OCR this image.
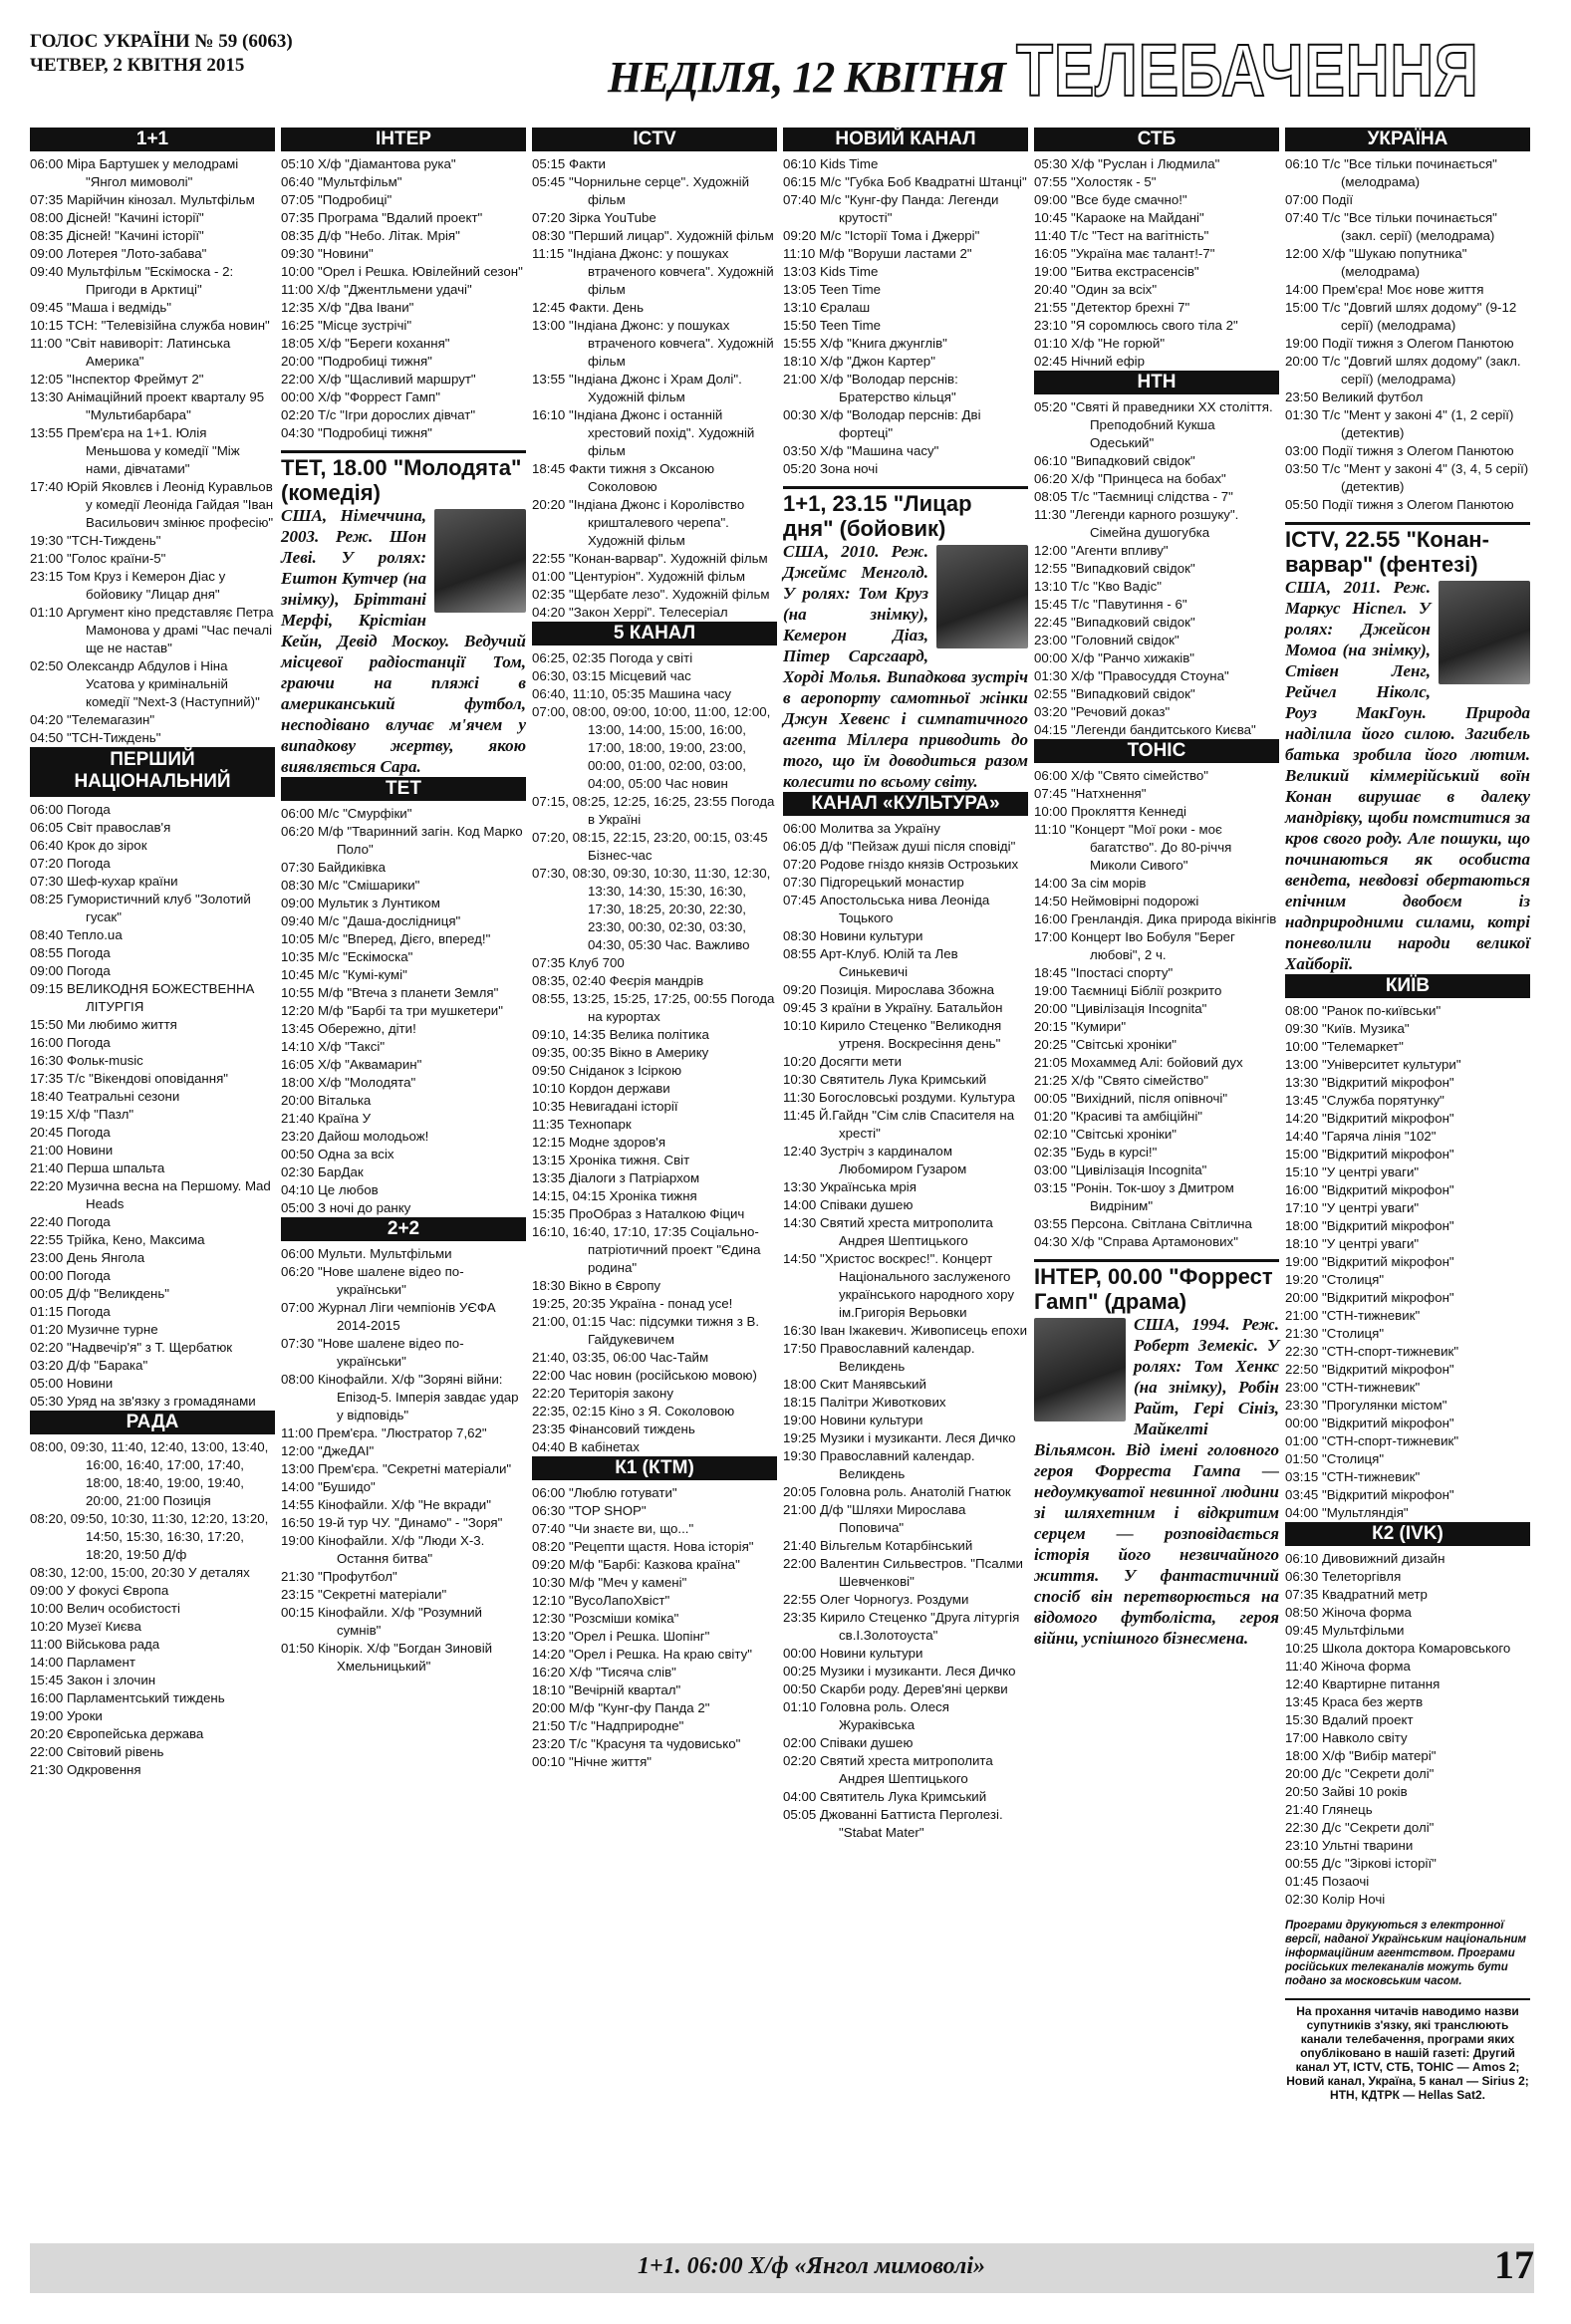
ГОЛОС УКРАЇНИ № 59 (6063)
ЧЕТВЕР, 2 КВІТНЯ 2015	НЕДІЛЯ, 12 КВІТНЯ ТЕЛЕБАЧЕННЯ
1+1

06:00 Міра Бартушек у мелодрамі "Янгол мимоволі"

07:35 Марійчин кінозал. Мультфільм

08:00 Дісней! "Качині історії"

08:35 Дісней! "Качині історії"

09:00 Лотерея "Лото-забава"

09:40 Мультфільм "Ескімоска - 2: Пригоди в Арктиці"

09:45 "Маша і ведмідь"

10:15 ТСН: "Телевізійна служба новин"

11:00 "Світ навиворіт: Латинська Америка"

12:05 "Інспектор Фреймут 2"

13:30 Анімаційний проект кварталу 95 "Мультибарбара"

13:55 Прем'єра на 1+1. Юлія Меньшова у комедії "Між нами, дівчатами"

17:40 Юрій Яковлєв і Леонід Куравльов у комедії Леоніда Гайдая "Іван Васильович змінює професію"

19:30 "ТСН-Тиждень"

21:00 "Голос країни-5"

23:15 Том Круз і Кемерон Діас у бойовику "Лицар дня"

01:10 Аргумент кіно представляє Петра Мамонова у драмі "Час печалі ще не настав"

02:50 Олександр Абдулов і Ніна Усатова у кримінальній комедії "Next-3 (Наступний)"

04:20 "Телемагазин"

04:50 "ТСН-Тиждень"

ПЕРШИЙ НАЦІОНАЛЬНИЙ

06:00 Погода

06:05 Світ православ'я

06:40 Крок до зірок

07:20 Погода

07:30 Шеф-кухар країни

08:25 Гумористичний клуб "Золотий гусак"

08:40 Тепло.ua

08:55 Погода

09:00 Погода

09:15 ВЕЛИКОДНЯ БОЖЕСТВЕННА ЛІТУРГІЯ

15:50 Ми любимо життя

16:00 Погода

16:30 Фольк-music

17:35 Т/с "Вікендові оповідання"

18:40 Театральні сезони

19:15 Х/ф "Пазл"

20:45 Погода

21:00 Новини

21:40 Перша шпальта

22:20 Музична весна на Першому. Mad Heads

22:40 Погода

22:55 Трійка, Кено, Максима

23:00 День Янгола

00:00 Погода

00:05 Д/ф "Великдень"

01:15 Погода

01:20 Музичне турне

02:20 "Надвечір'я" з Т. Щербатюк

03:20 Д/ф "Барака"

05:00 Новини

05:30 Уряд на зв'язку з громадянами

РАДА

08:00, 09:30, 11:40, 12:40, 13:00, 13:40, 16:00, 16:40, 17:00, 17:40, 18:00, 18:40, 19:00, 19:40, 20:00, 21:00 Позиція

08:20, 09:50, 10:30, 11:30, 12:20, 13:20, 14:50, 15:30, 16:30, 17:20, 18:20, 19:50 Д/ф

08:30, 12:00, 15:00, 20:30 У деталях

09:00 У фокусі Європа

10:00 Велич особистості

10:20 Музеї Києва

11:00 Військова рада

14:00 Парламент

15:45 Закон і злочин

16:00 Парламентський тиждень

19:00 Уроки

20:20 Європейська держава

22:00 Світовий рівень

21:30 Одкровення

ІНТЕР

05:10 Х/ф "Діамантова рука"

06:40 "Мультфільм"

07:05 "Подробиці"

07:35 Програма "Вдалий проект"

08:35 Д/ф "Небо. Літак. Мрія"

09:30 "Новини"

10:00 "Орел і Решка. Ювілейний сезон"

11:00 Х/ф "Джентльмени удачі"

12:35 Х/ф "Два Івани"

16:25 "Місце зустрічі"

18:05 Х/ф "Береги кохання"

20:00 "Подробиці тижня"

22:00 Х/ф "Щасливий маршрут"

00:00 Х/ф "Форрест Гамп"

02:20 Т/с "Ігри дорослих дівчат"

04:30 "Подробиці тижня"

ТЕТ, 18.00 "Молодята" (комедія)
США, Німеччина, 2003. Реж. Шон Леві. У ролях: Ештон Кутчер (на знімку), Бріттані Мерфі, Крістіан Кейн, Девід Москоу. Ведучий місцевої радіостанції Том, граючи на пляжі в американський футбол, несподівано влучає м'ячем у випадкову жертву, якою виявляється Сара.
ТЕТ

06:00 М/с "Смурфіки"

06:20 М/ф "Тваринний загін. Код Марко Поло"

07:30 Байдиківка

08:30 М/с "Смішарики"

09:00 Мультик з Лунтиком

09:40 М/с "Даша-дослідниця"

10:05 М/с "Вперед, Дієго, вперед!"

10:35 М/с "Ескімоска"

10:45 М/с "Кумі-кумі"

10:55 М/ф "Втеча з планети Земля"

12:20 М/ф "Барбі та три мушкетери"

13:45 Обережно, діти!

14:10 Х/ф "Таксі"

16:05 Х/ф "Аквамарин"

18:00 Х/ф "Молодята"

20:00 Віталька

21:40 Країна У

23:20 Дайош молодьож!

00:50 Одна за всіх

02:30 БарДак

04:10 Це любов

05:00 З ночі до ранку

2+2

06:00 Мульти. Мультфільми

06:20 "Нове шалене відео по-українськи"

07:00 Журнал Ліги чемпіонів УЄФА 2014-2015

07:30 "Нове шалене відео по-українськи"

08:00 Кінофайли. Х/ф "Зоряні війни: Епізод-5. Імперія завдає удар у відповідь"

11:00 Прем'єра. "Люстратор 7,62"

12:00 "ДжеДАІ"

13:00 Прем'єра. "Секретні матеріали"

14:00 "Бушидо"

14:55 Кінофайли. Х/ф "Не вкради"

16:50 19-й тур ЧУ. "Динамо" - "Зоря"

19:00 Кінофайли. Х/ф "Люди Х-3. Остання битва"

21:30 "Профутбол"

23:15 "Секретні матеріали"

00:15 Кінофайли. Х/ф "Розумний сумнів"

01:50 Кінорік. Х/ф "Богдан Зиновій Хмельницький"

ICTV

05:15 Факти

05:45 "Чорнильне серце". Художній фільм

07:20 Зірка YouTube

08:30 "Перший лицар". Художній фільм

11:15 "Індіана Джонс: у пошуках втраченого ковчега". Художній фільм

12:45 Факти. День

13:00 "Індіана Джонс: у пошуках втраченого ковчега". Художній фільм

13:55 "Індіана Джонс і Храм Долі". Художній фільм

16:10 "Індіана Джонс і останній хрестовий похід". Художній фільм

18:45 Факти тижня з Оксаною Соколовою

20:20 "Індіана Джонс і Королівство кришталевого черепа". Художній фільм

22:55 "Конан-варвар". Художній фільм

01:00 "Центуріон". Художній фільм

02:35 "Щербате лезо". Художній фільм

04:20 "Закон Херрі". Телесеріал

5 КАНАЛ

06:25, 02:35 Погода у світі

06:30, 03:15 Місцевий час

06:40, 11:10, 05:35 Машина часу

07:00, 08:00, 09:00, 10:00, 11:00, 12:00, 13:00, 14:00, 15:00, 16:00, 17:00, 18:00, 19:00, 23:00, 00:00, 01:00, 02:00, 03:00, 04:00, 05:00 Час новин

07:15, 08:25, 12:25, 16:25, 23:55 Погода в Україні

07:20, 08:15, 22:15, 23:20, 00:15, 03:45 Бізнес-час

07:30, 08:30, 09:30, 10:30, 11:30, 12:30, 13:30, 14:30, 15:30, 16:30, 17:30, 18:25, 20:30, 22:30, 23:30, 00:30, 02:30, 03:30, 04:30, 05:30 Час. Важливо

07:35 Клуб 700

08:35, 02:40 Феєрія мандрів

08:55, 13:25, 15:25, 17:25, 00:55 Погода на курортах

09:10, 14:35 Велика політика

09:35, 00:35 Вікно в Америку

09:50 Сніданок з Ісіркою

10:10 Кордон держави

10:35 Невигадані історії

11:35 Технопарк

12:15 Модне здоров'я

13:15 Хроніка тижня. Світ

13:35 Діалоги з Патріархом

14:15, 04:15 Хроніка тижня

15:35 ПроОбраз з Наталкою Фіцич

16:10, 16:40, 17:10, 17:35 Соціально-патріотичний проект "Єдина родина"

18:30 Вікно в Європу

19:25, 20:35 Україна - понад усе!

21:00, 01:15 Час: підсумки тижня з В. Гайдукевичем

21:40, 03:35, 06:00 Час-Тайм

22:00 Час новин (російською мовою)

22:20 Територія закону

22:35, 02:15 Кіно з Я. Соколовою

23:35 Фінансовий тиждень

04:40 В кабінетах

К1 (КТМ)

06:00 "Люблю готувати"

06:30 "TOP SHOP"

07:40 "Чи знаєте ви, що..."

08:20 "Рецепти щастя. Нова історія"

09:20 М/ф "Барбі: Казкова країна"

10:30 М/ф "Меч у камені"

12:10 "ВусоЛапоХвіст"

12:30 "Розсміши коміка"

13:20 "Орел і Решка. Шопінг"

14:20 "Орел і Решка. На краю світу"

16:20 Х/ф "Тисяча слів"

18:10 "Вечірній квартал"

20:00 М/ф "Кунг-фу Панда 2"

21:50 Т/с "Надприродне"

23:20 Т/с "Красуня та чудовисько"

00:10 "Нічне життя"

НОВИЙ КАНАЛ

06:10 Kids Time

06:15 М/с "Губка Боб Квадратні Штанці"

07:40 М/с "Кунг-фу Панда: Легенди крутості"

09:20 М/с "Історії Тома і Джеррі"

11:10 М/ф "Воруши ластами 2"

13:03 Kids Time

13:05 Teen Time

13:10 Єралаш

15:50 Teen Time

15:55 Х/ф "Книга джунглів"

18:10 Х/ф "Джон Картер"

21:00 Х/ф "Володар перснів: Братерство кільця"

00:30 Х/ф "Володар перснів: Дві фортеці"

03:50 Х/ф "Машина часу"

05:20 Зона ночі

1+1, 23.15 "Лицар дня" (бойовик)
США, 2010. Реж. Джеймс Менголд. У ролях: Том Круз (на знімку), Кемерон Діаз, Пітер Сарсгаард, Хорді Молья. Випадкова зустріч в аеропорту самотньої жінки Джун Хевенс і симпатичного агента Міллера приводить до того, що їм доводиться разом колесити по всьому світу.
КАНАЛ «КУЛЬТУРА»

06:00 Молитва за Україну

06:05 Д/ф "Пейзаж душі після сповіді"

07:20 Родове гніздо князів Острозьких

07:30 Підгорецький монастир

07:45 Апостольська нива Леоніда Тоцького

08:30 Новини культури

08:55 Арт-Клуб. Юлій та Лев Синькевичі

09:20 Позиція. Мирослава Збожна

09:45 З країни в Україну. Батальйон

10:10 Кирило Стеценко "Великодня утреня. Воскресіння день"

10:20 Досягти мети

10:30 Святитель Лука Кримський

11:30 Богословські роздуми. Культура

11:45 Й.Гайдн "Сім слів Спасителя на хресті"

12:40 Зустріч з кардиналом Любомиром Гузаром

13:30 Українська мрія

14:00 Співаки душею

14:30 Святий хреста митрополита Андрея Шептицького

14:50 "Христос воскрес!". Концерт Національного заслуженого українського народного хору ім.Григорія Верьовки

16:30 Іван Іжакевич. Живописець епохи

17:50 Православний календар. Великдень

18:00 Скит Манявський

18:15 Палітри Животкових

19:00 Новини культури

19:25 Музики і музиканти. Леся Дичко

19:30 Православний календар. Великдень

20:05 Головна роль. Анатолій Гнатюк

21:00 Д/ф "Шляхи Мирослава Поповича"

21:40 Вільгельм Котарбінський

22:00 Валентин Сильвестров. "Псалми Шевченкові"

22:55 Олег Чорногуз. Роздуми

23:35 Кирило Стеценко "Друга літургія св.І.Золотоуста"

00:00 Новини культури

00:25 Музики і музиканти. Леся Дичко

00:50 Скарби роду. Дерев'яні церкви

01:10 Головна роль. Олеся Жураківська

02:00 Співаки душею

02:20 Святий хреста митрополита Андрея Шептицького

04:00 Святитель Лука Кримський

05:05 Джованні Баттиста Перголезі. "Stabat Mater"

СТБ

05:30 Х/ф "Руслан і Людмила"

07:55 "Холостяк - 5"

09:00 "Все буде смачно!"

10:45 "Караоке на Майдані"

11:40 Т/с "Тест на вагітність"

16:05 "Україна має талант!-7"

19:00 "Битва екстрасенсів"

20:40 "Один за всіх"

21:55 "Детектор брехні 7"

23:10 "Я соромлюсь свого тіла 2"

01:10 Х/ф "Не горюй"

02:45 Нічний ефір

НТН

05:20 "Святі й праведники XX століття. Преподобний Кукша Одеський"

06:10 "Випадковий свідок"

06:20 Х/ф "Принцеса на бобах"

08:05 Т/с "Таємниці слідства - 7"

11:30 "Легенди карного розшуку". Сімейна душогубка

12:00 "Агенти впливу"

12:55 "Випадковий свідок"

13:10 Т/с "Кво Вадіс"

15:45 Т/с "Павутиння - 6"

22:45 "Випадковий свідок"

23:00 "Головний свідок"

00:00 Х/ф "Ранчо хижаків"

01:30 Х/ф "Правосуддя Стоуна"

02:55 "Випадковий свідок"

03:20 "Речовий доказ"

04:15 "Легенди бандитського Києва"

ТОНІС

06:00 Х/ф "Свято сімейство"

07:45 "Натхнення"

10:00 Прокляття Кеннеді

11:10 "Концерт "Мої роки - моє багатство". До 80-річчя Миколи Сивого"

14:00 За сім морів

14:50 Неймовірні подорожі

16:00 Гренландія. Дика природа вікінгів

17:00 Концерт Іво Бобуля "Берег любові", 2 ч.

18:45 "Іпостасі спорту"

19:00 Таємниці Біблії розкрито

20:00 "Цивілізація Incognita"

20:15 "Кумири"

20:25 "Світські хроніки"

21:05 Мохаммед Алі: бойовий дух

21:25 Х/ф "Свято сімейство"

00:05 "Вихідний, після опівночі"

01:20 "Красиві та амбіційні"

02:10 "Світські хроніки"

02:35 "Будь в курсі!"

03:00 "Цивілізація Incognita"

03:15 "Ронін. Ток-шоу з Дмитром Видріним"

03:55 Персона. Світлана Світлична

04:30 Х/ф "Справа Артамонових"

ІНТЕР, 00.00 "Форрест Гамп" (драма)
США, 1994. Реж. Роберт Земекіс. У ролях: Том Хенкс (на знімку), Робін Райт, Гері Сініз, Майкелті Вільямсон. Від імені головного героя Форреста Гампа — недоумкуватої невинної людини зі шляхетним і відкритим серцем — розповідається історія його незвичайного життя. У фантастичний спосіб він перетворюється на відомого футболіста, героя війни, успішного бізнесмена.
УКРАЇНА

06:10 Т/с "Все тільки починається" (мелодрама)

07:00 Події

07:40 Т/с "Все тільки починається" (закл. серії) (мелодрама)

12:00 Х/ф "Шукаю попутника" (мелодрама)

14:00 Прем'єра! Моє нове життя

15:00 Т/с "Довгий шлях додому" (9-12 серії) (мелодрама)

19:00 Події тижня з Олегом Панютою

20:00 Т/с "Довгий шлях додому" (закл. серії) (мелодрама)

23:50 Великий футбол

01:30 Т/с "Мент у законі 4" (1, 2 серії) (детектив)

03:00 Події тижня з Олегом Панютою

03:50 Т/с "Мент у законі 4" (3, 4, 5 серії) (детектив)

05:50 Події тижня з Олегом Панютою

ICTV, 22.55 "Конан-варвар" (фентезі)
США, 2011. Реж. Маркус Ніспел. У ролях: Джейсон Момоа (на знімку), Стівен Ленг, Рейчел Ніколс, Роуз МакГоун. Природа наділила його силою. Загибель батька зробила його лютим. Великий кіммерійський воїн Конан вирушає в далеку мандрівку, щоби помститися за кров свого роду. Але пошуки, що починаються як особиста вендета, невдовзі обертаються епічним двобоєм із надприродними силами, котрі поневолили народи великої Хайборії.
КИЇВ

08:00 "Ранок по-київськи"

09:30 "Київ. Музика"

10:00 "Телемаркет"

13:00 "Університет культури"

13:30 "Відкритий мікрофон"

13:45 "Служба порятунку"

14:20 "Відкритий мікрофон"

14:40 "Гаряча лінія "102"

15:00 "Відкритий мікрофон"

15:10 "У центрі уваги"

16:00 "Відкритий мікрофон"

17:10 "У центрі уваги"

18:00 "Відкритий мікрофон"

18:10 "У центрі уваги"

19:00 "Відкритий мікрофон"

19:20 "Столиця"

20:00 "Відкритий мікрофон"

21:00 "СТН-тижневик"

21:30 "Столиця"

22:30 "СТН-спорт-тижневик"

22:50 "Відкритий мікрофон"

23:00 "СТН-тижневик"

23:30 "Прогулянки містом"

00:00 "Відкритий мікрофон"

01:00 "СТН-спорт-тижневик"

01:50 "Столиця"

03:15 "СТН-тижневик"

03:45 "Відкритий мікрофон"

04:00 "Мультляндія"

К2 (IVK)

06:10 Дивовижний дизайн

06:30 Телеторгівля

07:35 Квадратний метр

08:50 Жіноча форма

09:45 Мультфільми

10:25 Школа доктора Комаровського

11:40 Жіноча форма

12:40 Квартирне питання

13:45 Краса без жертв

15:30 Вдалий проект

17:00 Навколо світу

18:00 Х/ф "Вибір матері"

20:00 Д/с "Секрети долі"

20:50 Зайві 10 років

21:40 Глянець

22:30 Д/с "Секрети долі"

23:10 Ультні тварини

00:55 Д/с "Зіркові історії"

01:45 Позаочі

02:30 Колір Ночі

Програми друкуються з електронної версії, наданої Українським національним інформаційним агентством. Програми російських телеканалів можуть бути подано за московським часом.
На прохання читачів наводимо назви супутників з'язку, які транслюють канали телебачення, програми яких опублікованo в нашій газеті: Другий канал УТ, ICTV, СТБ, ТОНІС — Amos 2; Новий канал, Україна, 5 канал — Sirius 2; НТН, КДТРК — Hellas Sat2.
1+1. 06:00 Х/ф «Янгол мимоволі»	17
